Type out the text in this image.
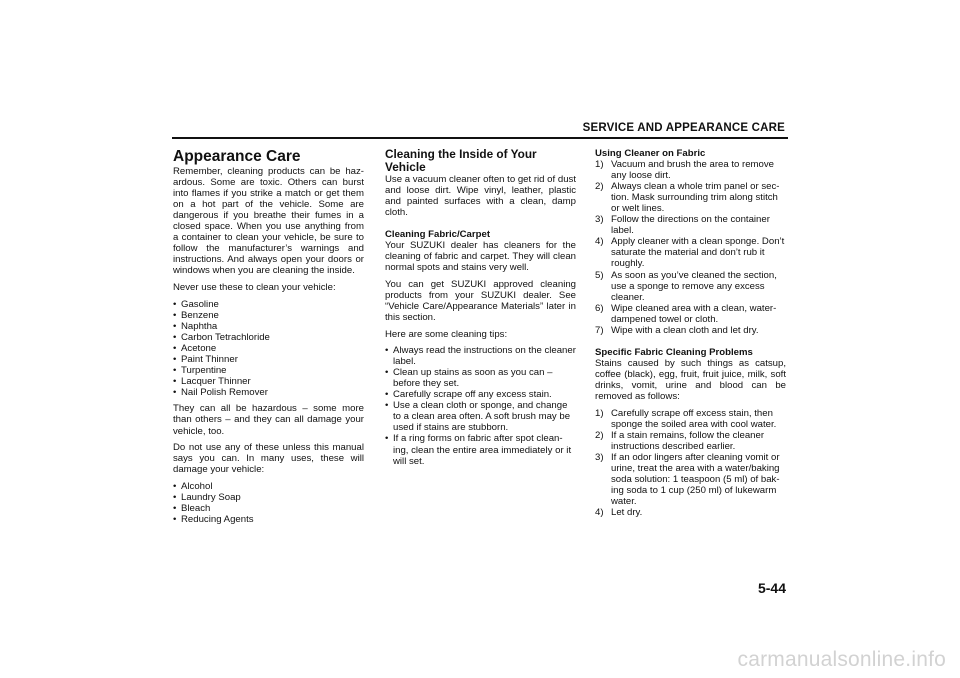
SERVICE AND APPEARANCE CARE
Appearance Care

Remember, cleaning products can be haz-ardous. Some are toxic. Others can burst into flames if you strike a match or get them on a hot part of the vehicle. Some are dangerous if you breathe their fumes in a closed space. When you use anything from a container to clean your vehicle, be sure to follow the manufacturer’s warnings and instructions. And always open your doors or windows when you are cleaning the inside.

Never use these to clean your vehicle:

• Gasoline
• Benzene
• Naphtha
• Carbon Tetrachloride
• Acetone
• Paint Thinner
• Turpentine
• Lacquer Thinner
• Nail Polish Remover

They can all be hazardous – some more than others – and they can all damage your vehicle, too.

Do not use any of these unless this manual says you can. In many uses, these will damage your vehicle:

• Alcohol
• Laundry Soap
• Bleach
• Reducing Agents
Cleaning the Inside of Your Vehicle

Use a vacuum cleaner often to get rid of dust and loose dirt. Wipe vinyl, leather, plastic and painted surfaces with a clean, damp cloth.

Cleaning Fabric/Carpet

Your SUZUKI dealer has cleaners for the cleaning of fabric and carpet. They will clean normal spots and stains very well.

You can get SUZUKI approved cleaning products from your SUZUKI dealer. See “Vehicle Care/Appearance Materials” later in this section.

Here are some cleaning tips:

• Always read the instructions on the cleaner label.
• Clean up stains as soon as you can – before they set.
• Carefully scrape off any excess stain.
• Use a clean cloth or sponge, and change to a clean area often. A soft brush may be used if stains are stubborn.
• If a ring forms on fabric after spot clean-ing, clean the entire area immediately or it will set.
Using Cleaner on Fabric
1) Vacuum and brush the area to remove any loose dirt.
2) Always clean a whole trim panel or sec-tion. Mask surrounding trim along stitch or welt lines.
3) Follow the directions on the container label.
4) Apply cleaner with a clean sponge. Don’t saturate the material and don’t rub it roughly.
5) As soon as you’ve cleaned the section, use a sponge to remove any excess cleaner.
6) Wipe cleaned area with a clean, water-dampened towel or cloth.
7) Wipe with a clean cloth and let dry.
Specific Fabric Cleaning Problems

Stains caused by such things as catsup, coffee (black), egg, fruit, fruit juice, milk, soft drinks, vomit, urine and blood can be removed as follows:

1) Carefully scrape off excess stain, then sponge the soiled area with cool water.
2) If a stain remains, follow the cleaner instructions described earlier.
3) If an odor lingers after cleaning vomit or urine, treat the area with a water/baking soda solution: 1 teaspoon (5 ml) of bak-ing soda to 1 cup (250 ml) of lukewarm water.
4) Let dry.
5-44
carmanualsonline.info
